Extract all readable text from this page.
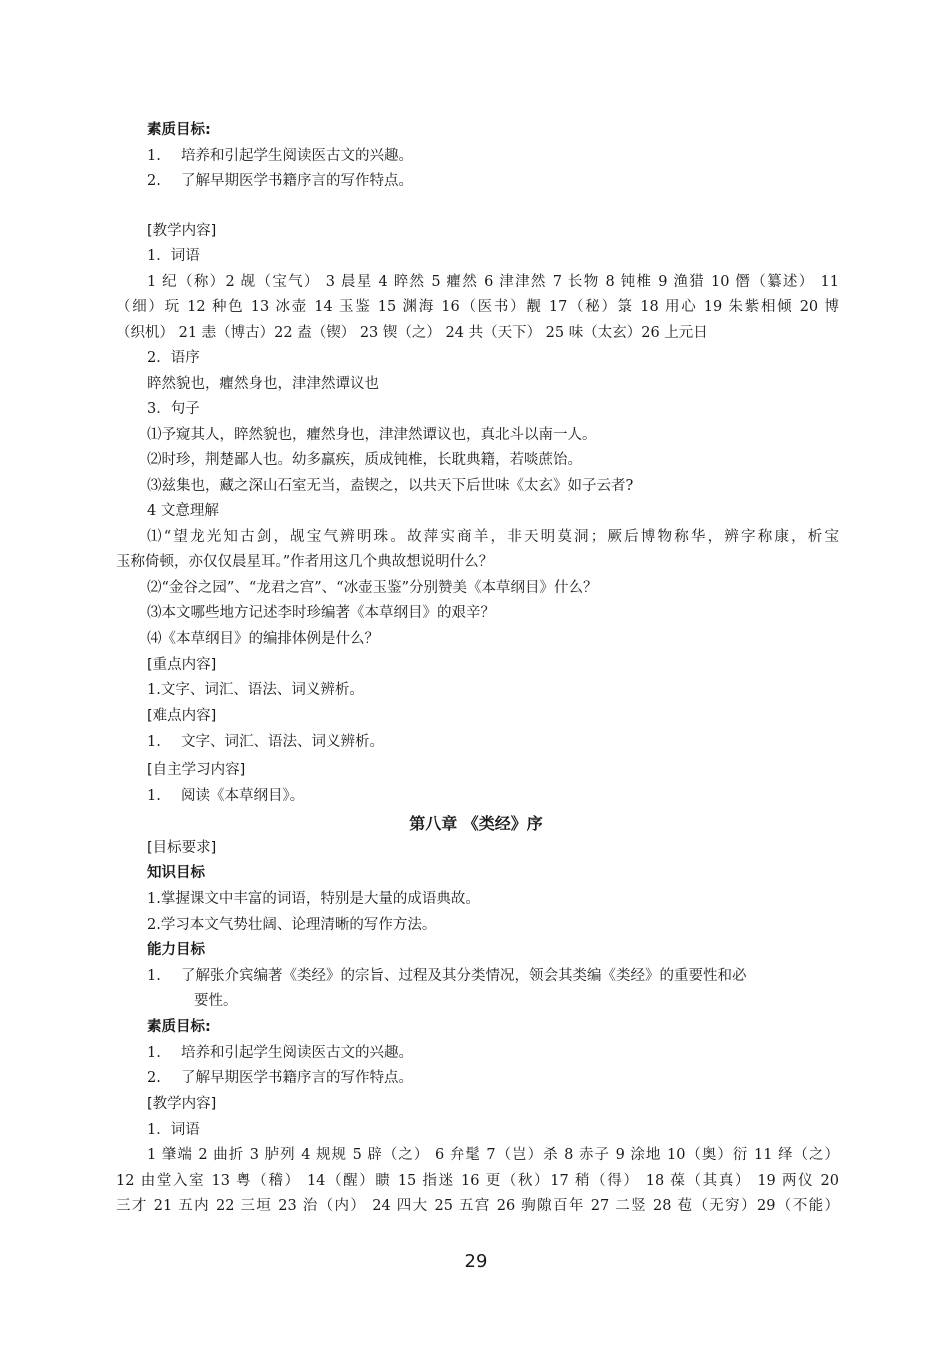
素质目标:
1. 培养和引起学生阅读医古文的兴趣。
2. 了解早期医学书籍序言的写作特点。
[教学内容]
1．词语
1 纪（称）2 觇（宝气） 3 晨星 4 睟然 5 癯然 6 津津然 7 长物 8 钝椎 9 渔猎 10 僭（纂述） 11
（细）玩 12 种色 13 冰壶 14 玉鉴 15 渊海 16（医书）觏 17（秘）箓 18 用心 19 朱紫相倾 20 博
（织机） 21 恚（博古）22 盍（锲） 23 锲（之） 24 共（天下） 25 味（太玄）26 上元日
2．语序
睟然貌也，癯然身也，津津然谭议也
3．句子
⑴予窥其人，睟然貌也，癯然身也，津津然谭议也，真北斗以南一人。
⑵时珍，荆楚鄙人也。幼多羸疾，质成钝椎，长耽典籍，若啖蔗饴。
⑶兹集也，藏之深山石室无当，盍锲之，以共天下后世味《太玄》如子云者?
4 文意理解
⑴“望龙光知古剑，觇宝气辨明珠。故萍实商羊，非天明莫洞；厥后博物称华，辨字称康，析宝
玉称倚顿，亦仅仅晨星耳。”作者用这几个典故想说明什么？
⑵“金谷之园”、“龙君之宫”、“冰壶玉鉴”分别赞美《本草纲目》什么？
⑶本文哪些地方记述李时珍编著《本草纲目》的艰辛？
⑷《本草纲目》的编排体例是什么？
[重点内容]
1.文字、词汇、语法、词义辨析。
[难点内容]
1. 文字、词汇、语法、词义辨析。
[自主学习内容]
1. 阅读《本草纲目》。
第八章 《类经》序
[目标要求]
知识目标
1.掌握课文中丰富的词语，特别是大量的成语典故。
2.学习本文气势壮阔、论理清晰的写作方法。
能力目标
1. 了解张介宾编著《类经》的宗旨、过程及其分类情况，领会其类编《类经》的重要性和必
要性。
素质目标:
1. 培养和引起学生阅读医古文的兴趣。
2. 了解早期医学书籍序言的写作特点。
[教学内容]
1．词语
1 肇端 2 曲折 3 胪列 4 规规 5 辟（之） 6 弁髦 7（岂）杀 8 赤子 9 涂地 10（奥）衍 11 绎（之）
12 由堂入室 13 粤（稽） 14（醒）瞆 15 指迷 16 更（秋）17 稍（得） 18 葆（其真） 19 两仪 20
三才 21 五内 22 三垣 23 治（内） 24 四大 25 五宫 26 驹隙百年 27 二竖 28 苞（无穷）29（不能）
29
